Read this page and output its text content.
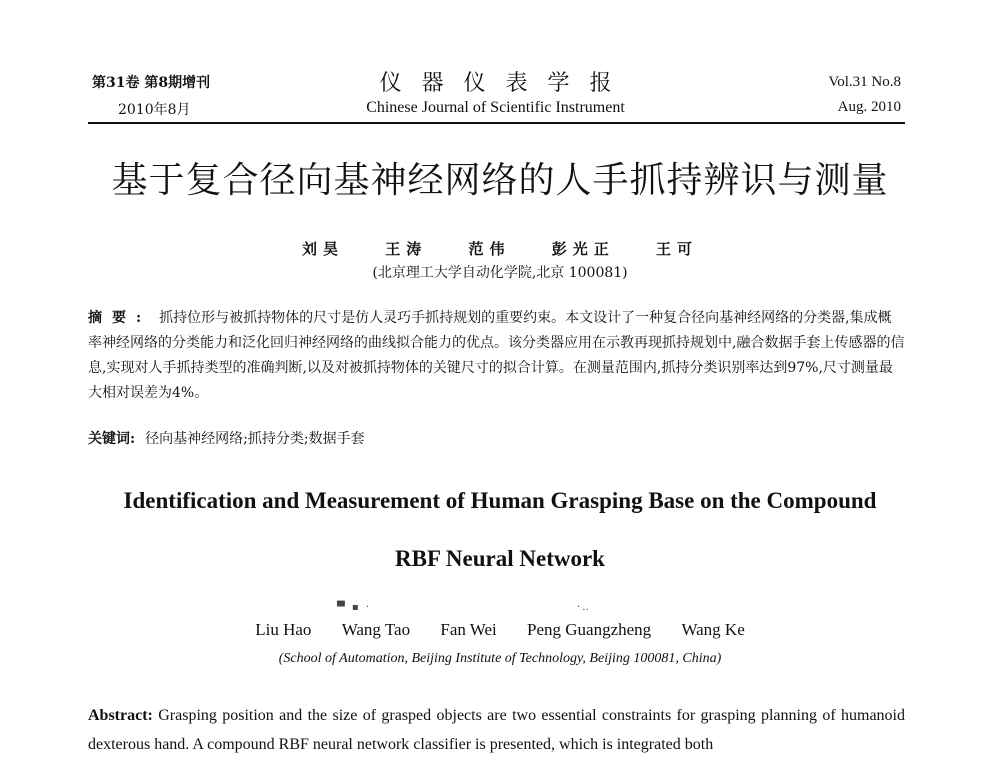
第31卷 第8期增刊
2010年8月
仪器仪表学报
Chinese Journal of Scientific Instrument
Vol.31 No.8
Aug. 2010
基于复合径向基神经网络的人手抓持辨识与测量
刘昊	王涛	范伟	彭光正	王可
(北京理工大学自动化学院,北京 100081)
摘要: 抓持位形与被抓持物体的尺寸是仿人灵巧手抓持规划的重要约束。本文设计了一种复合径向基神经网络的分类器,集成概率神经网络的分类能力和泛化回归神经网络的曲线拟合能力的优点。该分类器应用在示教再现抓持规划中,融合数据手套上传感器的信息,实现对人手抓持类型的准确判断,以及对被抓持物体的关键尺寸的拟合计算。在测量范围内,抓持分类识别率达到97%,尺寸测量最大相对误差为4%。
关键词: 径向基神经网络;抓持分类;数据手套
Identification and Measurement of Human Grasping Base on the Compound
RBF Neural Network
▀ ▪ ·	·‥
Liu Hao Wang Tao Fan Wei Peng Guangzheng Wang Ke
(School of Automation, Beijing Institute of Technology, Beijing 100081, China)
Abstract: Grasping position and the size of grasped objects are two essential constraints for grasping planning of humanoid dexterous hand. A compound RBF neural network classifier is presented, which is integrated both
